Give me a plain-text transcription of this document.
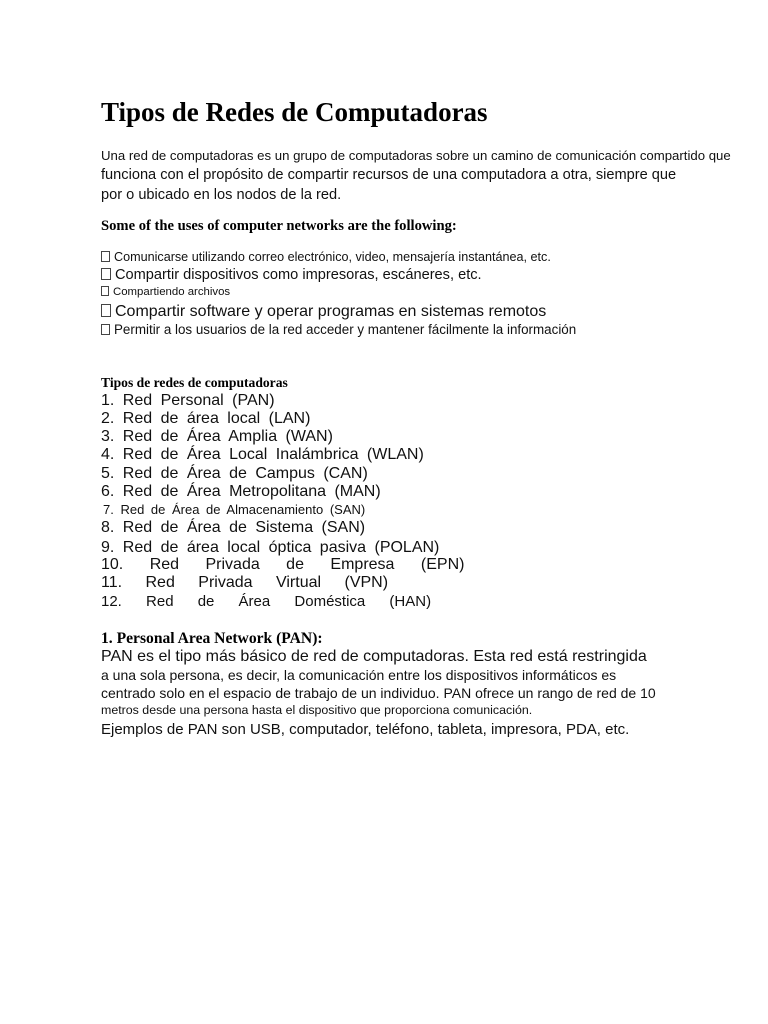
Tipos de Redes de Computadoras

Una red de computadoras es un grupo de computadoras sobre un camino de comunicación compartido que

funciona con el propósito de compartir recursos de una computadora a otra, siempre que

por o ubicado en los nodos de la red.

Some of the uses of computer networks are the following:

Comunicarse utilizando correo electrónico, video, mensajería instantánea, etc.

Compartir dispositivos como impresoras, escáneres, etc.

Compartiendo archivos

Compartir software y operar programas en sistemas remotos

Permitir a los usuarios de la red acceder y mantener fácilmente la información

Tipos de redes de computadoras

1. Red Personal (PAN)
2. Red de área local (LAN)
3. Red de Área Amplia (WAN)
4. Red de Área Local Inalámbrica (WLAN)
5. Red de Área de Campus (CAN)
6. Red de Área Metropolitana (MAN)
7. Red de Área de Almacenamiento (SAN)
8. Red de Área de Sistema (SAN)
9. Red de área local óptica pasiva (POLAN)
10. Red Privada de Empresa (EPN)
11. Red Privada Virtual (VPN)
12. Red de Área Doméstica (HAN)

1. Personal Area Network (PAN):

PAN es el tipo más básico de red de computadoras. Esta red está restringida

a una sola persona, es decir, la comunicación entre los dispositivos informáticos es

centrado solo en el espacio de trabajo de un individuo. PAN ofrece un rango de red de 10

metros desde una persona hasta el dispositivo que proporciona comunicación.

Ejemplos de PAN son USB, computador, teléfono, tableta, impresora, PDA, etc.
